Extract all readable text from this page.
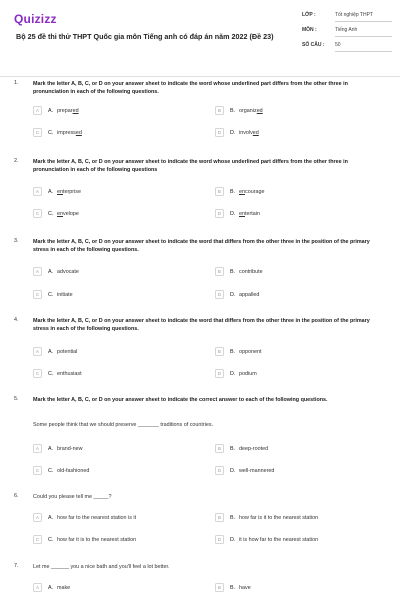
Quizizz
Bộ 25 đề thi thử THPT Quốc gia môn Tiếng anh có đáp án năm 2022 (Đề 23)
LỚP :	Tốt nghiệp THPT
MÔN :	Tiếng Anh
SỐ CÂU :	50
1.	Mark the letter A, B, C, or D on your answer sheet to indicate the word whose underlined part differs from the other three in pronunciation in each of the following questions.
A	A. prepared	B	B. organized
C	C. impressed	D	D. involved
2.	Mark the letter A, B, C, or D on your answer sheet to indicate the word whose underlined part differs from the other three in pronunciation in each of the following questions
A	A. enterprise	B	B. encourage
C	C. envelope	D	D. entertain
3.	Mark the letter A, B, C, or D on your answer sheet to indicate the word that differs from the other three in the position of the primary stress in each of the following questions.
A	A. advocate	B	B. contribute
C	C. initiate	D	D. appalled
4.	Mark the letter A, B, C, or D on your answer sheet to indicate the word that differs from the other three in the position of the primary stress in each of the following questions.
A	A. potential	B	B. opponent
C	C. enthusiast	D	D. podium
5.	Mark the letter A, B, C, or D on your answer sheet to indicate the correct answer to each of the following questions.
Some people think that we should preserve _______ traditions of countries.
A	A. brand-new	B	B. deep-rooted
C	C. old-fashioned	D	D. well-mannered
6.	Could you please tell me _____?
A	A. how far to the nearest station is it	B	B. how far is it to the nearest station
C	C. how far it is to the nearest station	D	D. it is how far to the nearest station
7.	Let me ______ you a nice bath and you'll feel a lot better.
A	A. make	B	B. have
